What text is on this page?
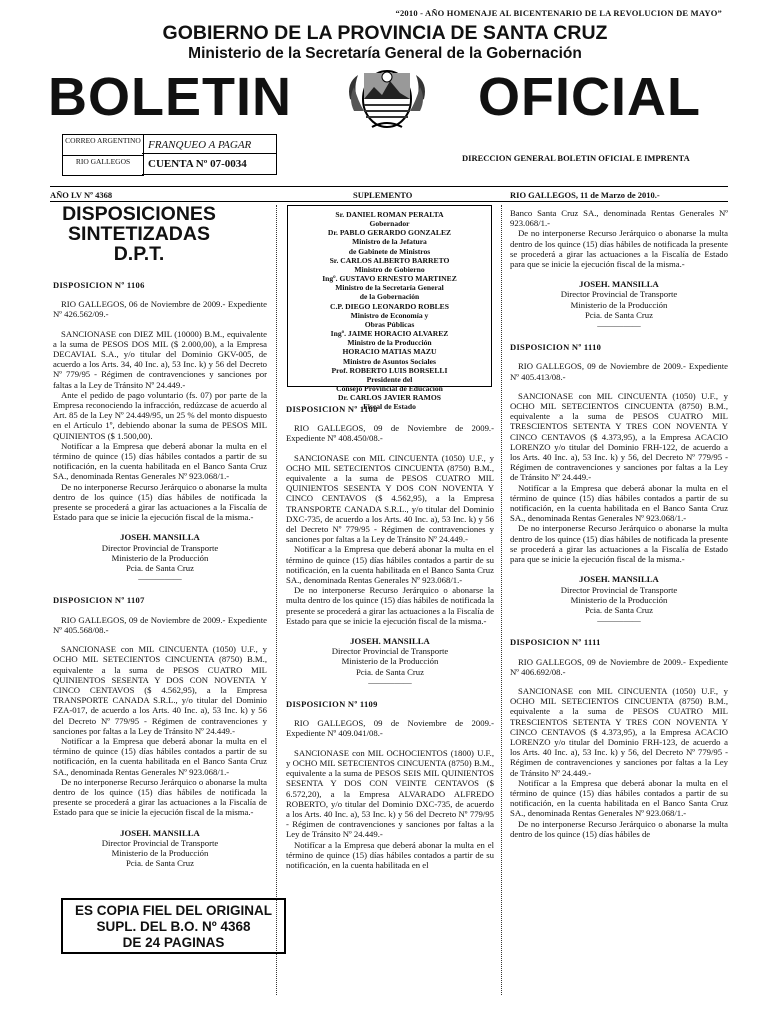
“2010 - AÑO HOMENAJE AL BICENTENARIO DE LA REVOLUCION DE MAYO”
GOBIERNO DE LA PROVINCIA DE SANTA CRUZ
Ministerio de la Secretaría General de la Gobernación
BOLETIN	OFICIAL
CORREO ARGENTINO
RIO GALLEGOS
FRANQUEO A PAGAR
CUENTA Nº 07-0034	DIRECCION GENERAL BOLETIN OFICIAL E IMPRENTA
AÑO LV Nº 4368	SUPLEMENTO	RIO GALLEGOS, 11 de Marzo de 2010.-
DISPOSICIONES
SINTETIZADAS
D.P.T.

DISPOSICION Nº 1106

RIO GALLEGOS, 06 de Noviembre de 2009.- Expediente Nº 426.562/09.-

SANCIONASE con DIEZ MIL (10000) B.M., equivalente a la suma de PESOS DOS MIL ($ 2.000,00), a la Empresa DECAVIAL S.A., y/o titular del Dominio GKV-005, de acuerdo a los Arts. 34, 40 Inc. a), 53 Inc. k) y 56 del Decreto Nº 779/95 - Régimen de contravenciones y sanciones por faltas a la Ley de Tránsito Nº 24.449.-

Ante el pedido de pago voluntario (fs. 07) por parte de la Empresa reconociendo la infracción, redúzcase de acuerdo al Art. 85 de la Ley Nº 24.449/95, un 25 % del monto dispuesto en el Artículo 1º, debiendo abonar la suma de PESOS MIL QUINIENTOS ($ 1.500,00).

Notifícar a la Empresa que deberá abonar la multa en el término de quince (15) días hábiles contados a partir de su notificación, en la cuenta habilitada en el Banco Santa Cruz SA., denominada Rentas Generales Nº 923.068/1.-

De no interponerse Recurso Jerárquico o abonarse la multa dentro de los quince (15) días hábiles de notificada la presente se procederá a girar las actuaciones a la Fiscalía de Estado para que se inicie la ejecución fiscal de la misma.-

JOSEH. MANSILLA
Director Provincial de Transporte
Ministerio de la Producción
Pcia. de Santa Cruz
―――――

DISPOSICION Nº 1107

RIO GALLEGOS, 09 de Noviembre de 2009.- Expediente Nº 405.568/08.-

SANCIONASE con MIL CINCUENTA (1050) U.F., y OCHO MIL SETECIENTOS CINCUENTA (8750) B.M., equivalente a la suma de PESOS CUATRO MIL QUINIENTOS SESENTA Y DOS CON NOVENTA Y CINCO CENTAVOS ($ 4.562,95), a la Empresa TRANSPORTE CANADA S.R.L., y/o titular del Dominio FZA-017, de acuerdo a los Arts. 40 Inc. a), 53 Inc. k) y 56 del Decreto Nº 779/95 - Régimen de contravenciones y sanciones por faltas a la Ley de Tránsito Nº 24.449.-

Notifícar a la Empresa que deberá abonar la multa en el término de quince (15) días hábiles contados a partir de su notificación, en la cuenta habilitada en el Banco Santa Cruz SA., denominada Rentas Generales Nº 923.068/1.-

De no interponerse Recurso Jerárquico o abonarse la multa dentro de los quince (15) días hábiles de notificada la presente se procederá a girar las actuaciones a la Fiscalía de Estado para que se inicie la ejecución fiscal de la misma.-

JOSEH. MANSILLA
Director Provincial de Transporte
Ministerio de la Producción
Pcia. de Santa Cruz
ES COPIA FIEL DEL ORIGINAL
SUPL. DEL B.O. Nº 4368
DE 24 PAGINAS
Sr. DANIEL ROMAN PERALTA
Gobernador
Dr. PABLO GERARDO GONZALEZ
Ministro de la Jefatura
de Gabinete de Ministros
Sr. CARLOS ALBERTO BARRETO
Ministro de Gobierno
Ingº. GUSTAVO ERNESTO MARTINEZ
Ministro de la Secretaría General
de la Gobernación
C.P. DIEGO LEONARDO ROBLES
Ministro de Economía y
Obras Públicas
Ingº. JAIME HORACIO ALVAREZ
Ministro de la Producción
HORACIO MATIAS MAZU
Ministro de Asuntos Sociales
Prof. ROBERTO LUIS BORSELLI
Presidente del
Consejo Provincial de Educación
Dr. CARLOS JAVIER RAMOS
Fiscal de Estado

DISPOSICION Nº 1108

RIO GALLEGOS, 09 de Noviembre de 2009.- Expediente Nº 408.450/08.-

SANCIONASE con MIL CINCUENTA (1050) U.F., y OCHO MIL SETECIENTOS CINCUENTA (8750) B.M., equivalente a la suma de PESOS CUATRO MIL QUINIENTOS SESENTA Y DOS CON NOVENTA Y CINCO CENTAVOS ($ 4.562,95), a la Empresa TRANSPORTE CANADA S.R.L., y/o titular del Dominio DXC-735, de acuerdo a los Arts. 40 Inc. a), 53 Inc. k) y 56 del Decreto Nº 779/95 - Régimen de contravenciones y sanciones por faltas a la Ley de Tránsito Nº 24.449.-

Notifícar a la Empresa que deberá abonar la multa en el término de quince (15) días hábiles contados a partir de su notificación, en la cuenta habilitada en el Banco Santa Cruz SA., denominada Rentas Generales Nº 923.068/1.-

De no interponerse Recurso Jerárquico o abonarse la multa dentro de los quince (15) días hábiles de notificada la presente se procederá a girar las actuaciones a la Fiscalía de Estado para que se inicie la ejecución fiscal de la misma.-

JOSEH. MANSILLA
Director Provincial de Transporte
Ministerio de la Producción
Pcia. de Santa Cruz
―――――

DISPOSICION Nº 1109

RIO GALLEGOS, 09 de Noviembre de 2009.- Expediente Nº 409.041/08.-

SANCIONASE con MIL OCHOCIENTOS (1800) U.F., y OCHO MIL SETECIENTOS CINCUENTA (8750) B.M., equivalente a la suma de PESOS SEIS MIL QUINIENTOS SESENTA Y DOS CON VEINTE CENTAVOS ($ 6.572,20), a la Empresa ALVARADO ALFREDO ROBERTO, y/o titular del Dominio DXC-735, de acuerdo a los Arts. 40 Inc. a), 53 Inc. k) y 56 del Decreto Nº 779/95 - Régimen de contravenciones y sanciones por faltas a la Ley de Tránsito Nº 24.449.-

Notifícar a la Empresa que deberá abonar la multa en el término de quince (15) días hábiles contados a partir de su notificación, en la cuenta habilitada en el

Banco Santa Cruz SA., denominada Rentas Generales Nº 923.068/1.-

De no interponerse Recurso Jerárquico o abonarse la multa dentro de los quince (15) días hábiles de notificada la presente se procederá a girar las actuaciones a la Fiscalía de Estado para que se inicie la ejecución fiscal de la misma.-

JOSEH. MANSILLA
Director Provincial de Transporte
Ministerio de la Producción
Pcia. de Santa Cruz
―――――

DISPOSICION Nº 1110

RIO GALLEGOS, 09 de Noviembre de 2009.- Expediente Nº 405.413/08.-

SANCIONASE con MIL CINCUENTA (1050) U.F., y OCHO MIL SETECIENTOS CINCUENTA (8750) B.M., equivalente a la suma de PESOS CUATRO MIL TRESCIENTOS SETENTA Y TRES CON NOVENTA Y CINCO CENTAVOS ($ 4.373,95), a la Empresa ACACIO LORENZO y/o titular del Dominio FRH-122, de acuerdo a los Arts. 40 Inc. a), 53 Inc. k) y 56, del Decreto Nº 779/95 - Régimen de contravenciones y sanciones por faltas a la Ley de Tránsito Nº 24.449.-

Notifícar a la Empresa que deberá abonar la multa en el término de quince (15) días hábiles contados a partir de su notificación, en la cuenta habilitada en el Banco Santa Cruz SA., denominada Rentas Generales Nº 923.068/1.-

De no interponerse Recurso Jerárquico o abonarse la multa dentro de los quince (15) días hábiles de notificada la presente se procederá a girar las actuaciones a la Fiscalía de Estado para que se inicie la ejecución fiscal de la misma.-

JOSEH. MANSILLA
Director Provincial de Transporte
Ministerio de la Producción
Pcia. de Santa Cruz
―――――

DISPOSICION Nº 1111

RIO GALLEGOS, 09 de Noviembre de 2009.- Expediente Nº 406.692/08.-

SANCIONASE con MIL CINCUENTA (1050) U.F., y OCHO MIL SETECIENTOS CINCUENTA (8750) B.M., equivalente a la suma de PESOS CUATRO MIL TRESCIENTOS SETENTA Y TRES CON NOVENTA Y CINCO CENTAVOS ($ 4.373,95), a la Empresa ACACIO LORENZO y/o titular del Dominio FRH-123, de acuerdo a los Arts. 40 Inc. a), 53 Inc. k) y 56, del Decreto Nº 779/95 - Régimen de contravenciones y sanciones por faltas a la Ley de Tránsito Nº 24.449.-

Notifícar a la Empresa que deberá abonar la multa en el término de quince (15) días hábiles contados a partir de su notificación, en la cuenta habilitada en el Banco Santa Cruz SA., denominada Rentas Generales Nº 923.068/1.-

De no interponerse Recurso Jerárquico o abonarse la multa dentro de los quince (15) días hábiles de
